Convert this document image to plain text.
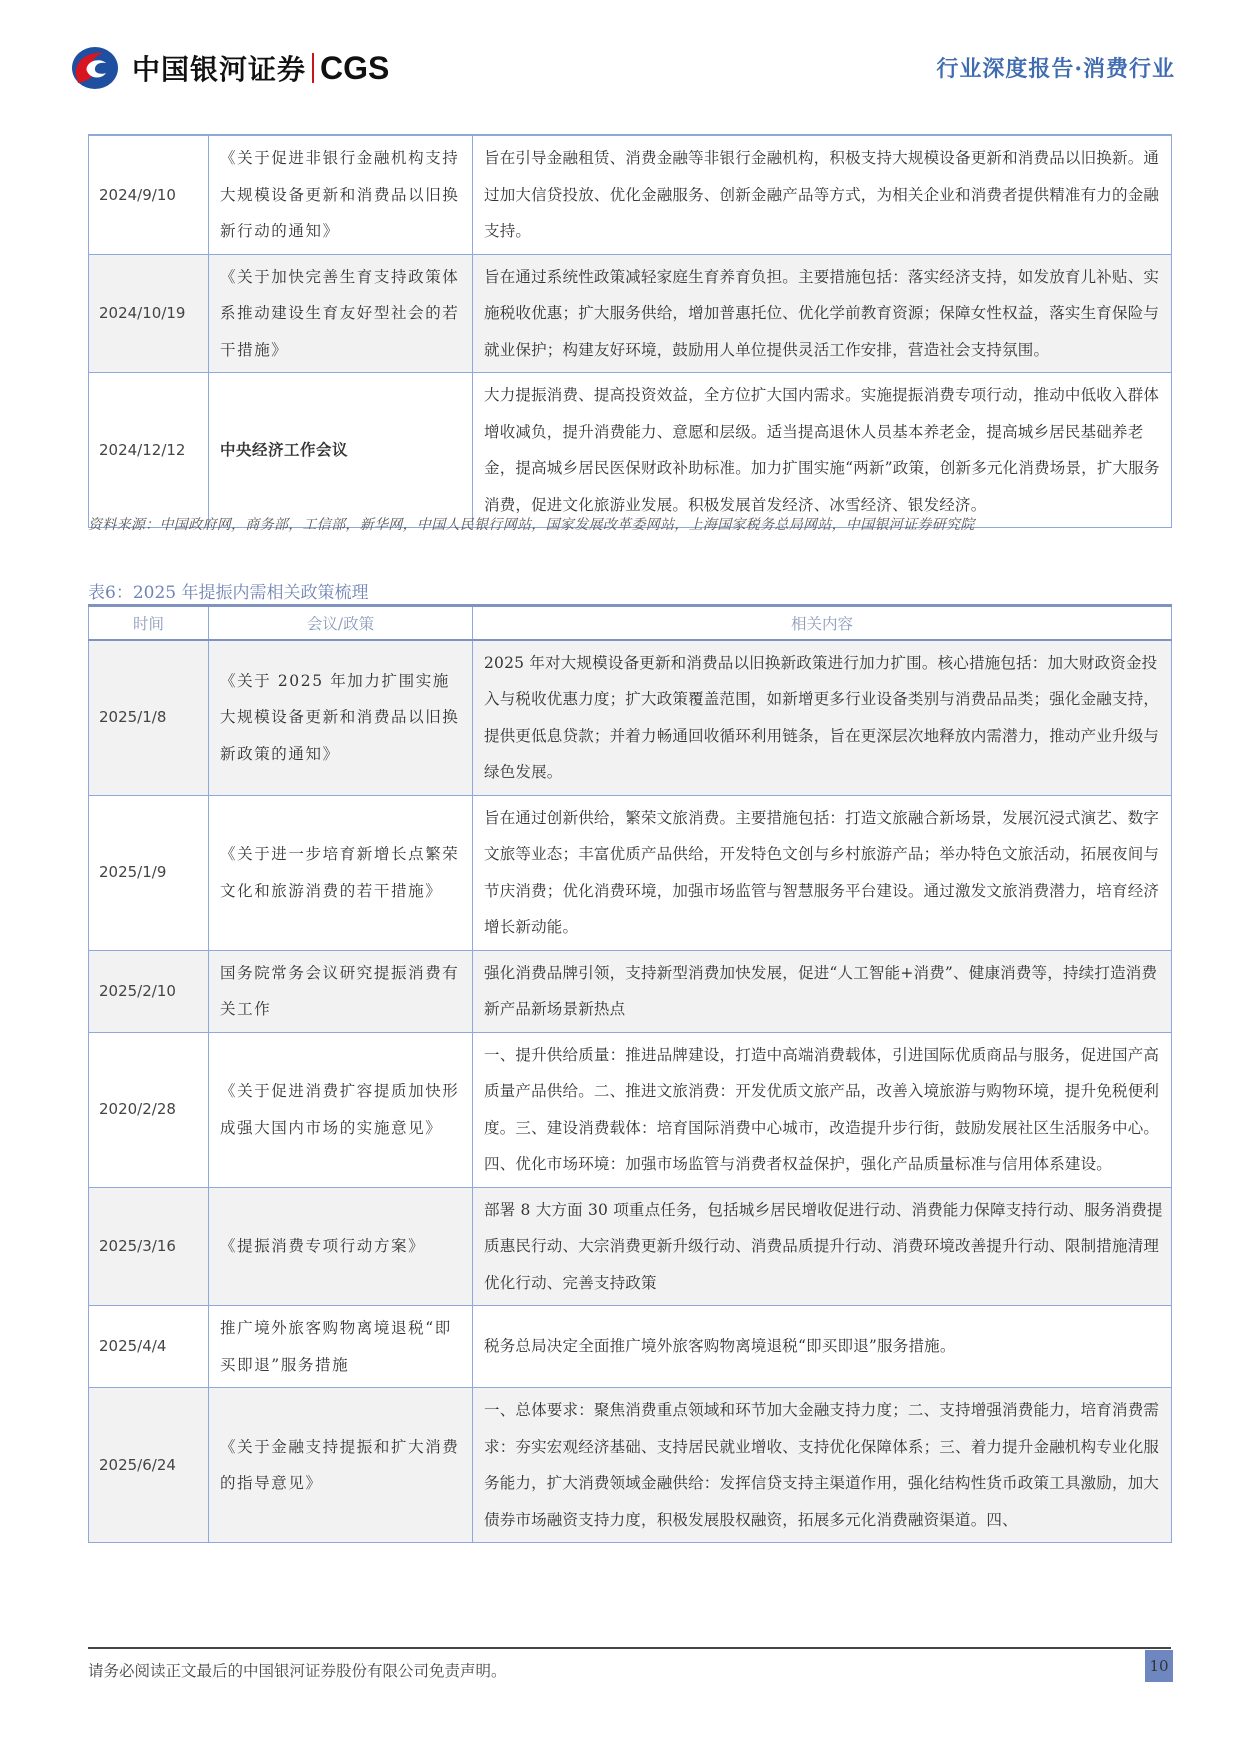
中国银河证券 CGS	行业深度报告·消费行业
2024/9/10	《关于促进非银行金融机构支持大规模设备更新和消费品以旧换新行动的通知》	旨在引导金融租赁、消费金融等非银行金融机构，积极支持大规模设备更新和消费品以旧换新。通过加大信贷投放、优化金融服务、创新金融产品等方式，为相关企业和消费者提供精准有力的金融支持。
2024/10/19	《关于加快完善生育支持政策体系推动建设生育友好型社会的若干措施》	旨在通过系统性政策减轻家庭生育养育负担。主要措施包括：落实经济支持，如发放育儿补贴、实施税收优惠；扩大服务供给，增加普惠托位、优化学前教育资源；保障女性权益，落实生育保险与就业保护；构建友好环境，鼓励用人单位提供灵活工作安排，营造社会支持氛围。
2024/12/12	中央经济工作会议	大力提振消费、提高投资效益，全方位扩大国内需求。实施提振消费专项行动，推动中低收入群体增收减负，提升消费能力、意愿和层级。适当提高退休人员基本养老金，提高城乡居民基础养老金，提高城乡居民医保财政补助标准。加力扩围实施“两新”政策，创新多元化消费场景，扩大服务消费，促进文化旅游业发展。积极发展首发经济、冰雪经济、银发经济。
资料来源：中国政府网，商务部，工信部，新华网，中国人民银行网站，国家发展改革委网站，上海国家税务总局网站，中国银河证券研究院
表6：2025 年提振内需相关政策梳理
时间	会议/政策	相关内容
2025/1/8	《关于 2025 年加力扩围实施大规模设备更新和消费品以旧换新政策的通知》	2025 年对大规模设备更新和消费品以旧换新政策进行加力扩围。核心措施包括：加大财政资金投入与税收优惠力度；扩大政策覆盖范围，如新增更多行业设备类别与消费品品类；强化金融支持，提供更低息贷款；并着力畅通回收循环利用链条，旨在更深层次地释放内需潜力，推动产业升级与绿色发展。
2025/1/9	《关于进一步培育新增长点繁荣文化和旅游消费的若干措施》	旨在通过创新供给，繁荣文旅消费。主要措施包括：打造文旅融合新场景，发展沉浸式演艺、数字文旅等业态；丰富优质产品供给，开发特色文创与乡村旅游产品；举办特色文旅活动，拓展夜间与节庆消费；优化消费环境，加强市场监管与智慧服务平台建设。通过激发文旅消费潜力，培育经济增长新动能。
2025/2/10	国务院常务会议研究提振消费有关工作	强化消费品牌引领，支持新型消费加快发展，促进“人工智能+消费”、健康消费等，持续打造消费新产品新场景新热点
2020/2/28	《关于促进消费扩容提质加快形成强大国内市场的实施意见》	一、提升供给质量：推进品牌建设，打造中高端消费载体，引进国际优质商品与服务，促进国产高质量产品供给。二、推进文旅消费：开发优质文旅产品，改善入境旅游与购物环境，提升免税便利度。三、建设消费载体：培育国际消费中心城市，改造提升步行街，鼓励发展社区生活服务中心。四、优化市场环境：加强市场监管与消费者权益保护，强化产品质量标准与信用体系建设。
2025/3/16	《提振消费专项行动方案》	部署 8 大方面 30 项重点任务，包括城乡居民增收促进行动、消费能力保障支持行动、服务消费提质惠民行动、大宗消费更新升级行动、消费品质提升行动、消费环境改善提升行动、限制措施清理优化行动、完善支持政策
2025/4/4	推广境外旅客购物离境退税“即买即退”服务措施	税务总局决定全面推广境外旅客购物离境退税“即买即退”服务措施。
2025/6/24	《关于金融支持提振和扩大消费的指导意见》	一、总体要求：聚焦消费重点领域和环节加大金融支持力度；二、支持增强消费能力，培育消费需求：夯实宏观经济基础、支持居民就业增收、支持优化保障体系；三、着力提升金融机构专业化服务能力，扩大消费领域金融供给：发挥信贷支持主渠道作用，强化结构性货币政策工具激励，加大债券市场融资支持力度，积极发展股权融资，拓展多元化消费融资渠道。四、
请务必阅读正文最后的中国银河证券股份有限公司免责声明。	10
